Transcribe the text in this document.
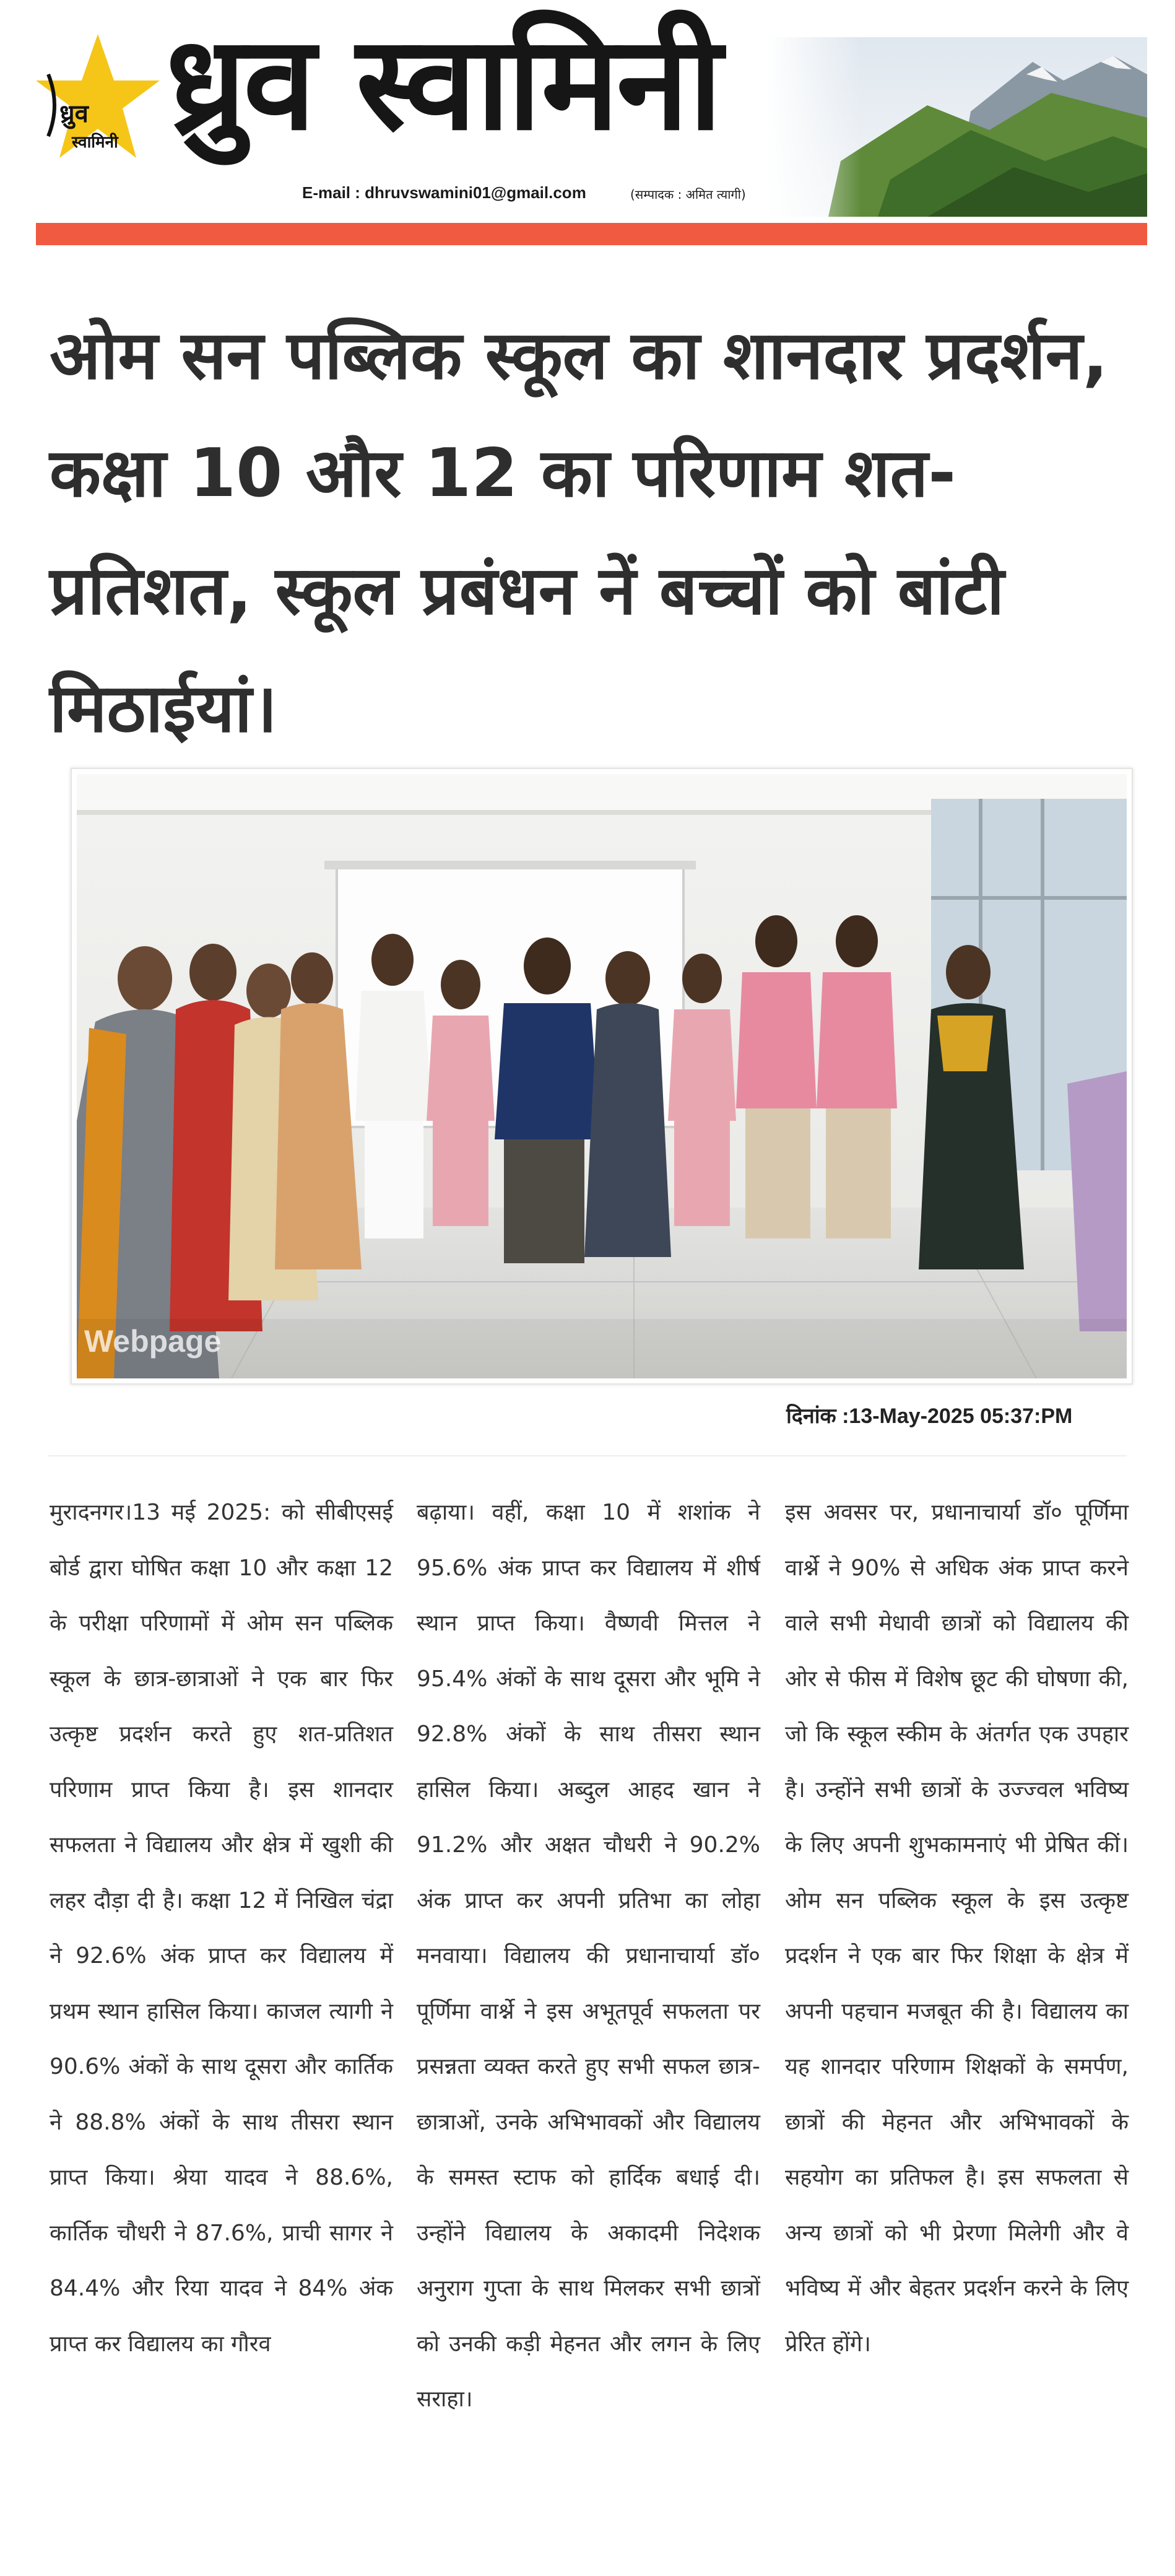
ध्रुव
स्वामिनी ध्रुव स्वामिनी
E-mail : dhruvswamini01@gmail.com	(सम्पादक : अमित त्यागी)
ओम सन पब्लिक स्कूल का शानदार प्रदर्शन, कक्षा 10 और 12 का परिणाम शत-प्रतिशत, स्कूल प्रबंधन नें बच्चों को बांटी मिठाईयां।
Webpage
दिनांक :13-May-2025 05:37:PM

मुरादनगर।13 मई 2025: को सीबीएसई बोर्ड द्वारा घोषित कक्षा 10 और कक्षा 12 के परीक्षा परिणामों में ओम सन पब्लिक स्कूल के छात्र-छात्राओं ने एक बार फिर उत्कृष्ट प्रदर्शन करते हुए शत-प्रतिशत परिणाम प्राप्त किया है। इस शानदार सफलता ने विद्यालय और क्षेत्र में खुशी की लहर दौड़ा दी है। कक्षा 12 में निखिल चंद्रा ने 92.6% अंक प्राप्त कर विद्यालय में प्रथम स्थान हासिल किया। काजल त्यागी ने 90.6% अंकों के साथ दूसरा और कार्तिक ने 88.8% अंकों के साथ तीसरा स्थान प्राप्त किया। श्रेया यादव ने 88.6%, कार्तिक चौधरी ने 87.6%, प्राची सागर ने 84.4% और रिया यादव ने 84% अंक प्राप्त कर विद्यालय का गौरव

बढ़ाया। वहीं, कक्षा 10 में शशांक ने 95.6% अंक प्राप्त कर विद्यालय में शीर्ष स्थान प्राप्त किया। वैष्णवी मित्तल ने 95.4% अंकों के साथ दूसरा और भूमि ने 92.8% अंकों के साथ तीसरा स्थान हासिल किया। अब्दुल आहद खान ने 91.2% और अक्षत चौधरी ने 90.2% अंक प्राप्त कर अपनी प्रतिभा का लोहा मनवाया। विद्यालय की प्रधानाचार्या डॉ० पूर्णिमा वार्श्ने ने इस अभूतपूर्व सफलता पर प्रसन्नता व्यक्त करते हुए सभी सफल छात्र-छात्राओं, उनके अभिभावकों और विद्यालय के समस्त स्टाफ को हार्दिक बधाई दी। उन्होंने विद्यालय के अकादमी निदेशक अनुराग गुप्ता के साथ मिलकर सभी छात्रों को उनकी कड़ी मेहनत और लगन के लिए सराहा।

इस अवसर पर, प्रधानाचार्या डॉ० पूर्णिमा वार्श्ने ने 90% से अधिक अंक प्राप्त करने वाले सभी मेधावी छात्रों को विद्यालय की ओर से फीस में विशेष छूट की घोषणा की, जो कि स्कूल स्कीम के अंतर्गत एक उपहार है। उन्होंने सभी छात्रों के उज्ज्वल भविष्य के लिए अपनी शुभकामनाएं भी प्रेषित कीं। ओम सन पब्लिक स्कूल के इस उत्कृष्ट प्रदर्शन ने एक बार फिर शिक्षा के क्षेत्र में अपनी पहचान मजबूत की है। विद्यालय का यह शानदार परिणाम शिक्षकों के समर्पण, छात्रों की मेहनत और अभिभावकों के सहयोग का प्रतिफल है। इस सफलता से अन्य छात्रों को भी प्रेरणा मिलेगी और वे भविष्य में और बेहतर प्रदर्शन करने के लिए प्रेरित होंगे।
